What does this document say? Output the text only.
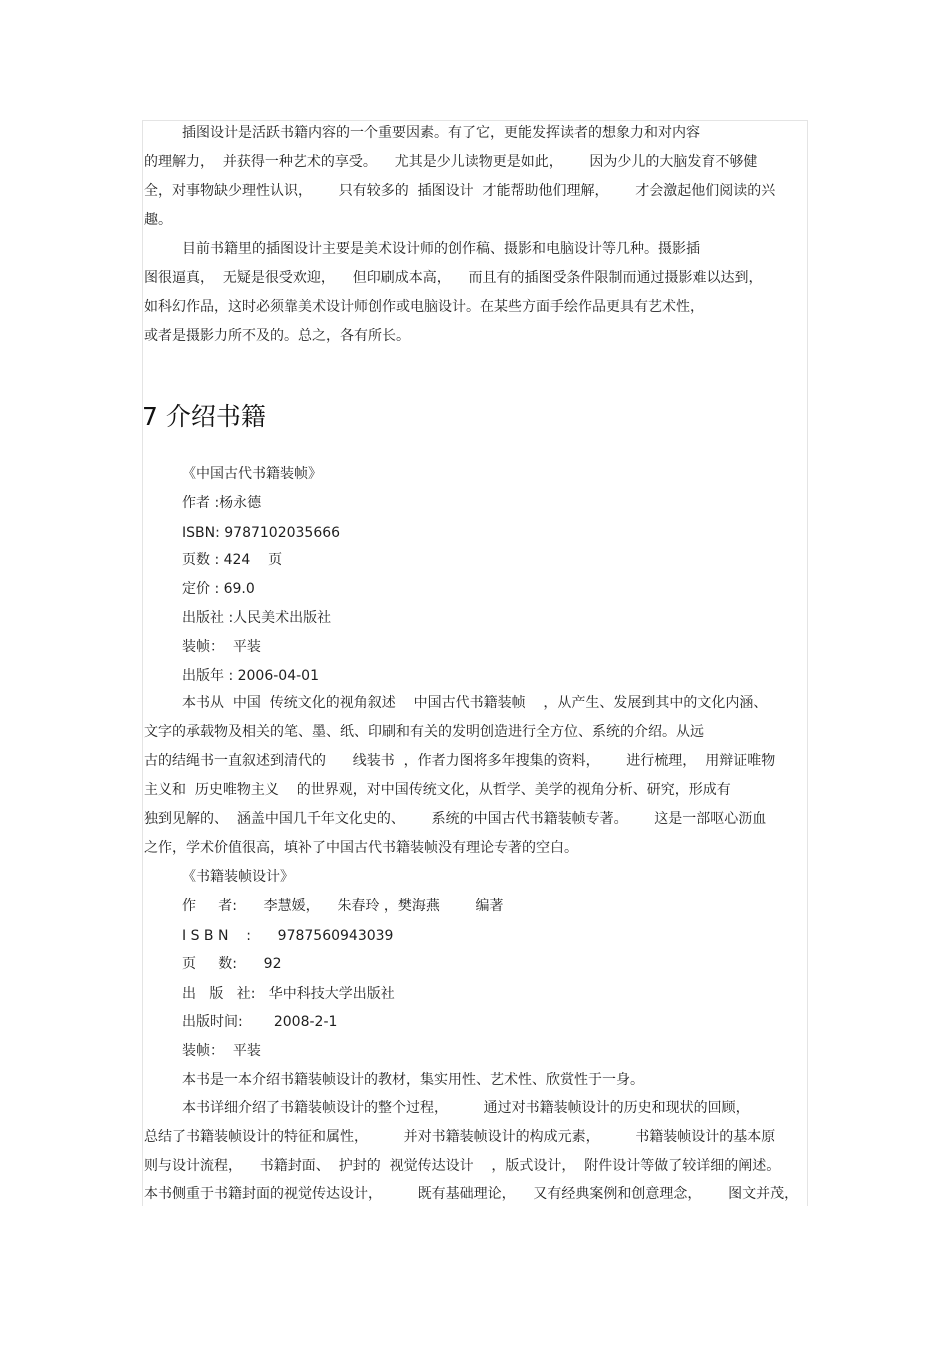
插图设计是活跃书籍内容的一个重要因素。有了它，更能发挥读者的想象力和对内容
的理解力，  并获得一种艺术的享受。    尤其是少儿读物更是如此，      因为少儿的大脑发育不够健
全，对事物缺少理性认识，      只有较多的  插图设计  才能帮助他们理解，      才会激起他们阅读的兴
趣。
目前书籍里的插图设计主要是美术设计师的创作稿、摄影和电脑设计等几种。摄影插
图很逼真，  无疑是很受欢迎，    但印刷成本高，    而且有的插图受条件限制而通过摄影难以达到，
如科幻作品，这时必须靠美术设计师创作或电脑设计。在某些方面手绘作品更具有艺术性，
或者是摄影力所不及的。总之，各有所长。
7 介绍书籍
《中国古代书籍装帧》
作者 :杨永德
ISBN: 9787102035666
页数 : 424    页
定价 : 69.0
出版社 :人民美术出版社
装帧：  平装
出版年 : 2006-04-01
本书从  中国  传统文化的视角叙述    中国古代书籍装帧    ，从产生、发展到其中的文化内涵、
文字的承载物及相关的笔、墨、纸、印刷和有关的发明创造进行全方位、系统的介绍。从远
古的结绳书一直叙述到清代的      线装书  ，作者力图将多年搜集的资料，      进行梳理，  用辩证唯物
主义和  历史唯物主义    的世界观，对中国传统文化，从哲学、美学的视角分析、研究，形成有
独到见解的、  涵盖中国几千年文化史的、      系统的中国古代书籍装帧专著。      这是一部呕心沥血
之作，学术价值很高，填补了中国古代书籍装帧没有理论专著的空白。
《书籍装帧设计》
作     者:      李慧媛，    朱春玲 ，樊海燕        编著
I S B N    :      9787560943039
页     数:      92
出   版   社:   华中科技大学出版社
出版时间:       2008-2-1
装帧：  平装
本书是一本介绍书籍装帧设计的教材，集实用性、艺术性、欣赏性于一身。
本书详细介绍了书籍装帧设计的整个过程，        通过对书籍装帧设计的历史和现状的回顾，
总结了书籍装帧设计的特征和属性，        并对书籍装帧设计的构成元素，        书籍装帧设计的基本原
则与设计流程，    书籍封面、  护封的  视觉传达设计    ，版式设计，  附件设计等做了较详细的阐述。
本书侧重于书籍封面的视觉传达设计，        既有基础理论，    又有经典案例和创意理念，      图文并茂，
